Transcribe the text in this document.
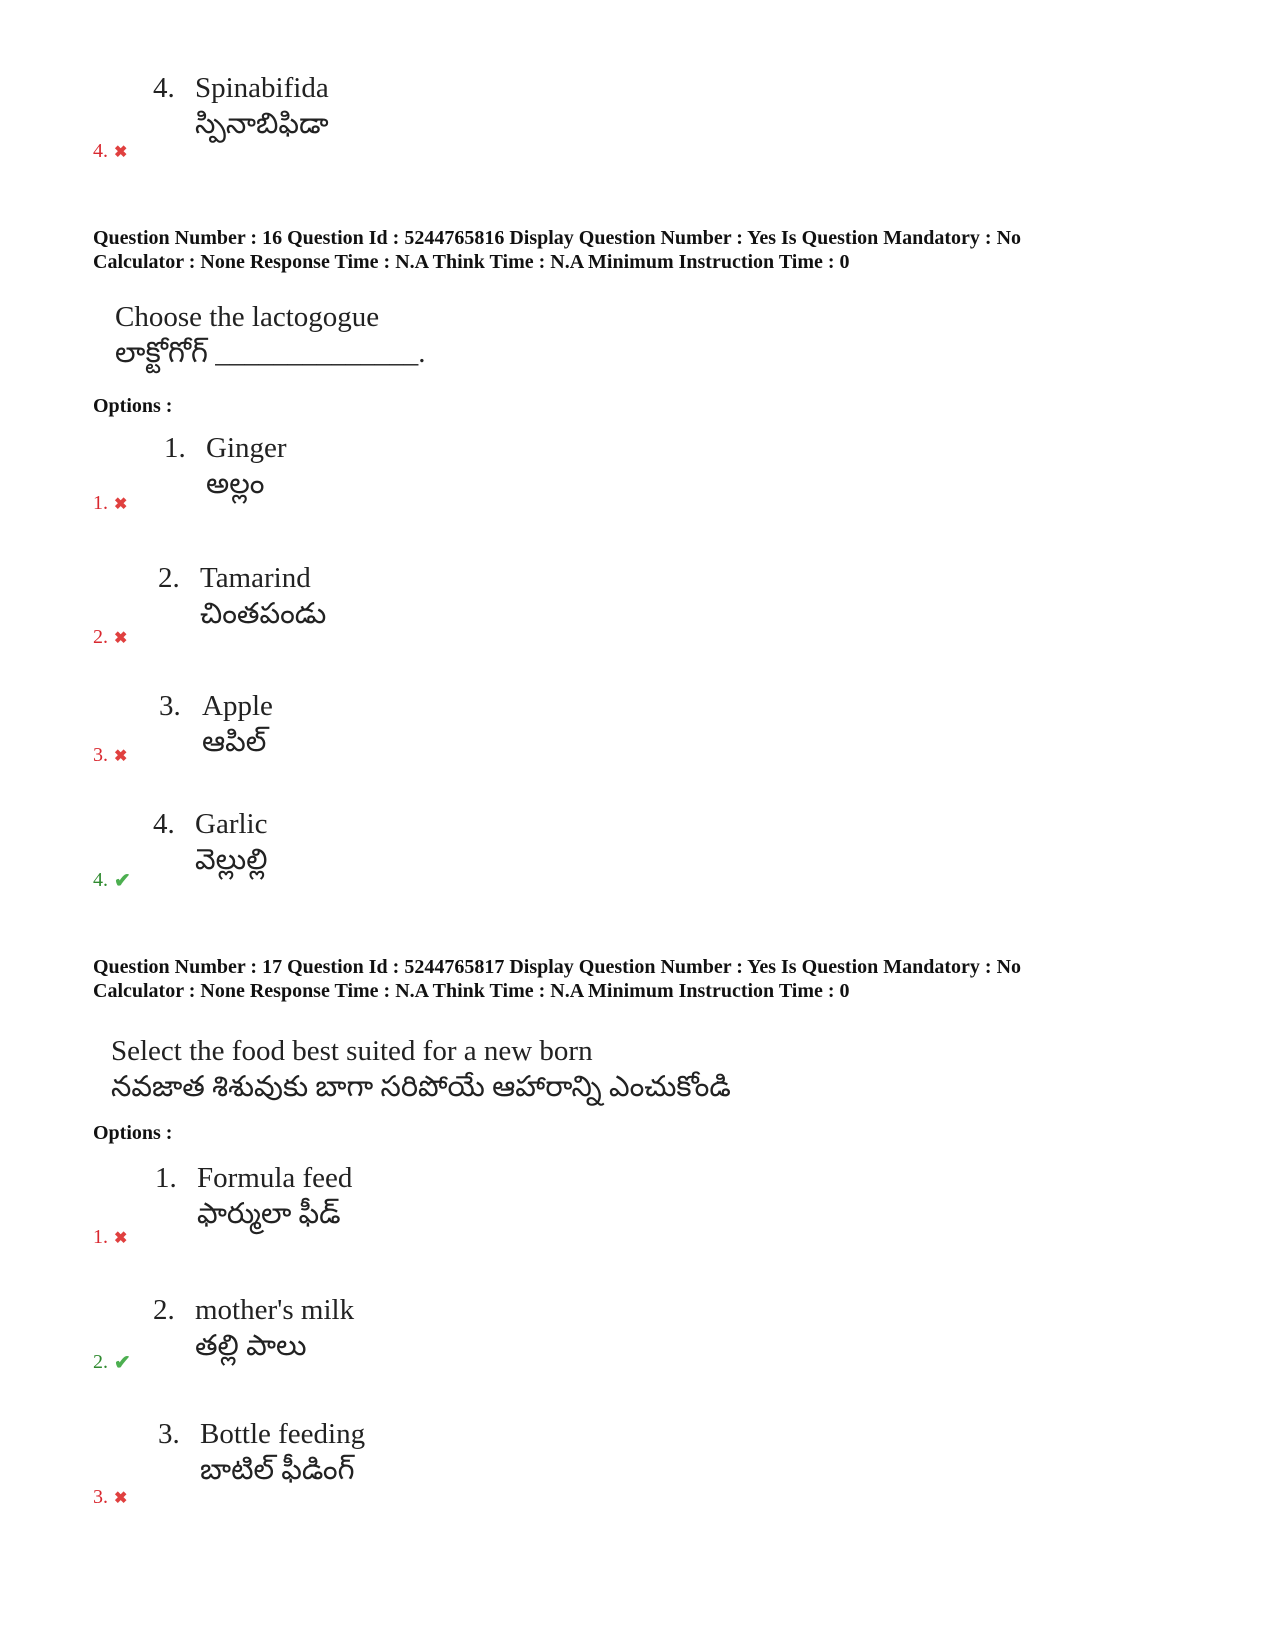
4. Spinabifida
స్పినాబిఫిడా
4. ✖
Question Number : 16 Question Id : 5244765816 Display Question Number : Yes Is Question Mandatory : No
Calculator : None Response Time : N.A Think Time : N.A Minimum Instruction Time : 0
Choose the lactogogue
లాక్టోగోగ్ ______________.
Options :
1. Ginger
అల్లం
1. ✖
2. Tamarind
చింతపండు
2. ✖
3. Apple
ఆపిల్
3. ✖
4. Garlic
వెల్లుల్లి
4. ✔
Question Number : 17 Question Id : 5244765817 Display Question Number : Yes Is Question Mandatory : No
Calculator : None Response Time : N.A Think Time : N.A Minimum Instruction Time : 0
Select the food best suited for a new born
నవజాత శిశువుకు బాగా సరిపోయే ఆహారాన్ని ఎంచుకోండి
Options :
1. Formula feed
ఫార్ములా ఫీడ్
1. ✖
2. mother's milk
తల్లి పాలు
2. ✔
3. Bottle feeding
బాటిల్ ఫీడింగ్
3. ✖
